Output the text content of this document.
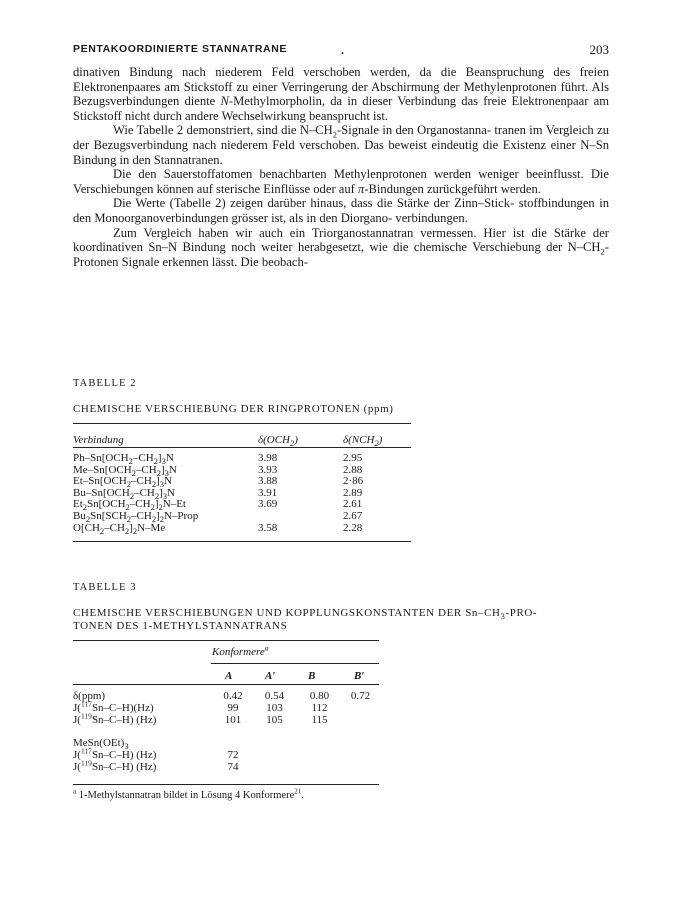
PENTAKOORDINIERTE STANNATRANE	.	203

dinativen Bindung nach niederem Feld verschoben werden, da die Beanspruchung des freien Elektronenpaares am Stickstoff zu einer Verringerung der Abschirmung der Methylenprotonen führt. Als Bezugsverbindungen diente N-Methylmorpholin, da in dieser Verbindung das freie Elektronenpaar am Stickstoff nicht durch andere Wechselwirkung beansprucht ist.

Wie Tabelle 2 demonstriert, sind die $N-CH_2$-Signale in den Organostanna- tranen im Vergleich zu der Bezugsverbindung nach niederem Feld verschoben. Das beweist eindeutig die Existenz einer N–Sn Bindung in den Stannatranen.

Die den Sauerstoffatomen benachbarten Methylenprotonen werden weniger beeinflusst. Die Verschiebungen können auf sterische Einflüsse oder auf π-Bindungen zurückgeführt werden.

Die Werte (Tabelle 2) zeigen darüber hinaus, dass die Stärke der Zinn–Stick- stoffbindungen in den Monoorganoverbindungen grösser ist, als in den Diorgano- verbindungen.

Zum Vergleich haben wir auch ein Triorganostannatran vermessen. Hier ist die Stärke der koordinativen Sn–N Bindung noch weiter herabgesetzt, wie die chemische Verschiebung der $N-CH_2$-Protonen Signale erkennen lässt. Die beobach-

TABELLE 2
CHEMISCHE VERSCHIEBUNG DER RINGPROTONEN (ppm)
Verbindung	$\delta(OCH_2)$	$\delta(NCH_2)$
$Ph-Sn[OCH_2-CH_2]_3N$	3.98	2.95
$Me-Sn[OCH_2-CH_2]_3N$	3.93	2.88
$Et-Sn[OCH_2-CH_2]_3N$	3.88	2·86
$Bu-Sn[OCH_2-CH_2]_3N$	3.91	2.89
$Et_2Sn[OCH_2-CH_2]_2N-Et$	3.69	2.61
$Bu_2Sn[SCH_2-CH_2]_2N$–Prop		2.67
$O[CH_2-CH_2]_2N-Me$	3.58	2.28
TABELLE 3
CHEMISCHE VERSCHIEBUNGEN UND KOPPLUNGSKONSTANTEN DER $Sn-CH_3-PRO-$
TONEN DES 1-METHYLSTANNATRANS
Konformere$^a$
A	A′	B	B′
δ(ppm)	0.42	0.54	0.80	0.72
J($^{117}$Sn–C–H)(Hz)	99	103	112	
J($^{119}$Sn–C–H) (Hz)	101	105	115	

$MeSn(OEt)_3$
J($^{117}$Sn–C–H) (Hz)	72			
J($^{119}$Sn–C–H) (Hz)	74			
$^a$ 1-Methylstannatran bildet in Lösung 4 Konformere$^{21}$.
